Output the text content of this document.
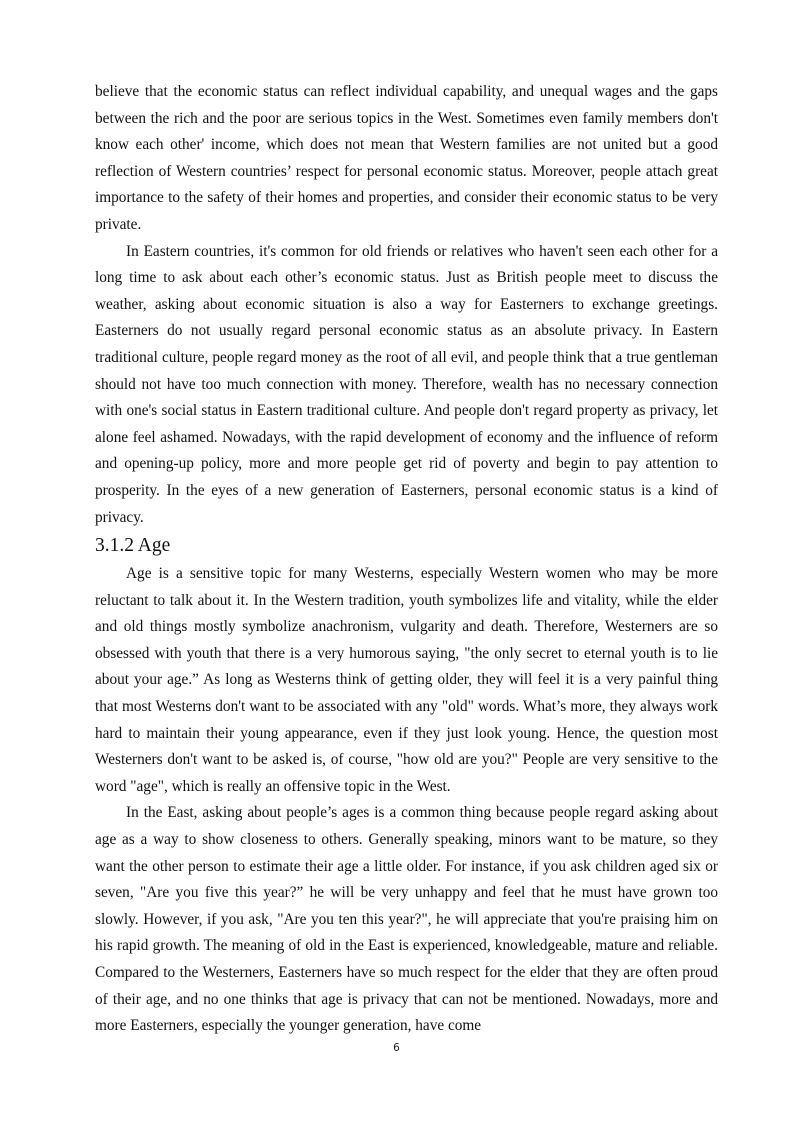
believe that the economic status can reflect individual capability, and unequal wages and the gaps between the rich and the poor are serious topics in the West. Sometimes even family members don't know each other' income, which does not mean that Western families are not united but a good reflection of Western countries’ respect for personal economic status. Moreover, people attach great importance to the safety of their homes and properties, and consider their economic status to be very private.

In Eastern countries, it's common for old friends or relatives who haven't seen each other for a long time to ask about each other’s economic status. Just as British people meet to discuss the weather, asking about economic situation is also a way for Easterners to exchange greetings. Easterners do not usually regard personal economic status as an absolute privacy. In Eastern traditional culture, people regard money as the root of all evil, and people think that a true gentleman should not have too much connection with money. Therefore, wealth has no necessary connection with one's social status in Eastern traditional culture. And people don't regard property as privacy, let alone feel ashamed. Nowadays, with the rapid development of economy and the influence of reform and opening-up policy, more and more people get rid of poverty and begin to pay attention to prosperity. In the eyes of a new generation of Easterners, personal economic status is a kind of privacy.

3.1.2 Age

Age is a sensitive topic for many Westerns, especially Western women who may be more reluctant to talk about it. In the Western tradition, youth symbolizes life and vitality, while the elder and old things mostly symbolize anachronism, vulgarity and death. Therefore, Westerners are so obsessed with youth that there is a very humorous saying, "the only secret to eternal youth is to lie about your age.” As long as Westerns think of getting older, they will feel it is a very painful thing that most Westerns don't want to be associated with any "old" words. What’s more, they always work hard to maintain their young appearance, even if they just look young. Hence, the question most Westerners don't want to be asked is, of course, "how old are you?" People are very sensitive to the word "age", which is really an offensive topic in the West.

In the East, asking about people’s ages is a common thing because people regard asking about age as a way to show closeness to others. Generally speaking, minors want to be mature, so they want the other person to estimate their age a little older. For instance, if you ask children aged six or seven, "Are you five this year?” he will be very unhappy and feel that he must have grown too slowly. However, if you ask, "Are you ten this year?", he will appreciate that you're praising him on his rapid growth. The meaning of old in the East is experienced, knowledgeable, mature and reliable. Compared to the Westerners, Easterners have so much respect for the elder that they are often proud of their age, and no one thinks that age is privacy that can not be mentioned. Nowadays, more and more Easterners, especially the younger generation, have come

6
